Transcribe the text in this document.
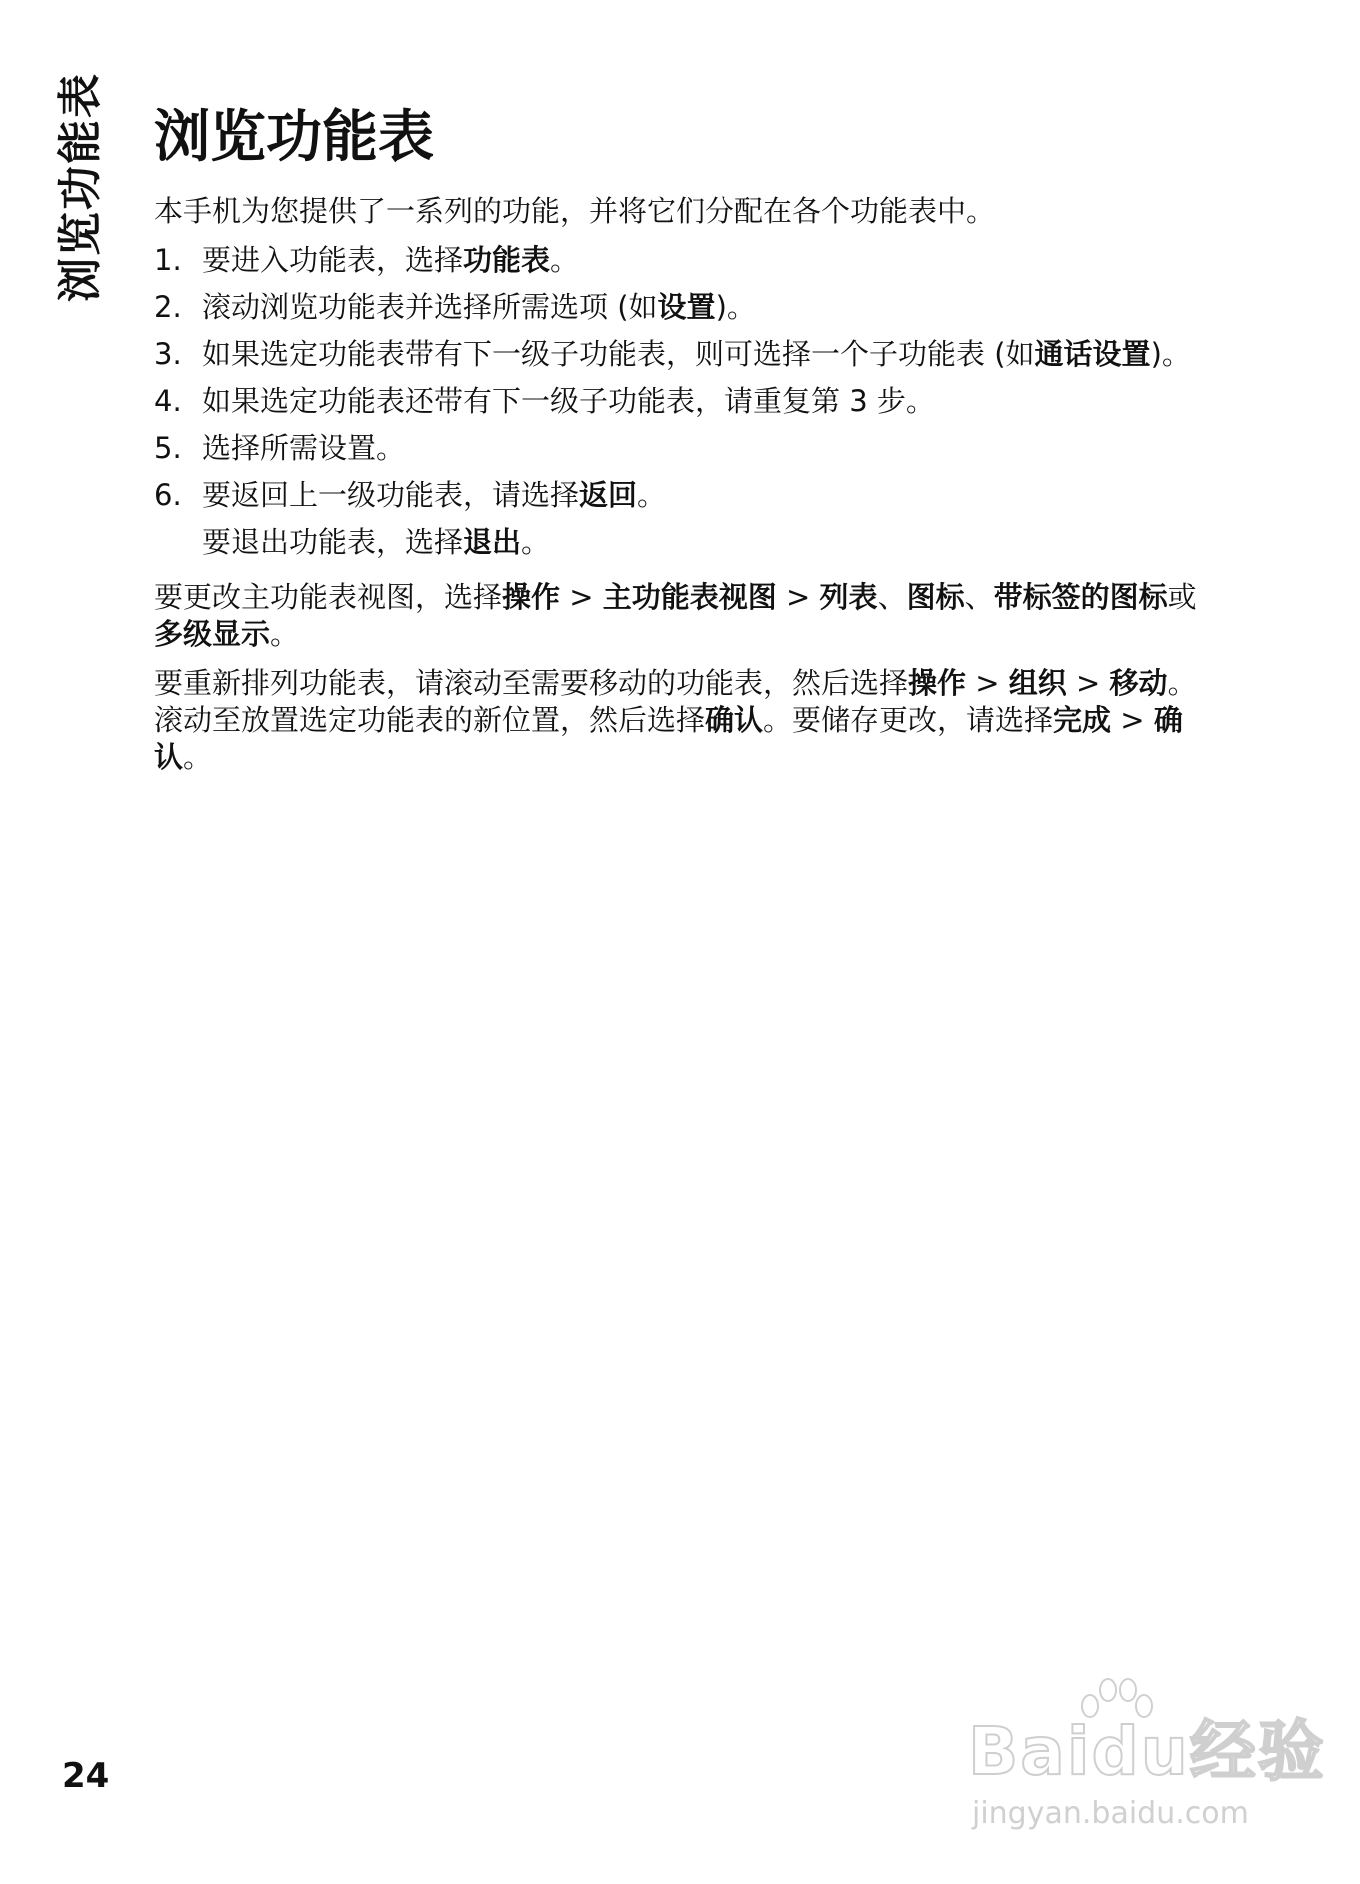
浏览功能表 浏览功能表

本手机为您提供了一系列的功能，并将它们分配在各个功能表中。

1. 要进入功能表，选择功能表。
2. 滚动浏览功能表并选择所需选项 (如设置)。
3. 如果选定功能表带有下一级子功能表，则可选择一个子功能表 (如通话设置)。
4. 如果选定功能表还带有下一级子功能表，请重复第 3 步。
5. 选择所需设置。
6. 要返回上一级功能表，请选择返回。

要退出功能表，选择退出。

要更改主功能表视图，选择操作 > 主功能表视图 > 列表、图标、带标签的图标或多级显示。

要重新排列功能表，请滚动至需要移动的功能表，然后选择操作 > 组织 > 移动。滚动至放置选定功能表的新位置，然后选择确认。要储存更改，请选择完成 > 确认。

24	Baidu经验
jingyan.baidu.com
